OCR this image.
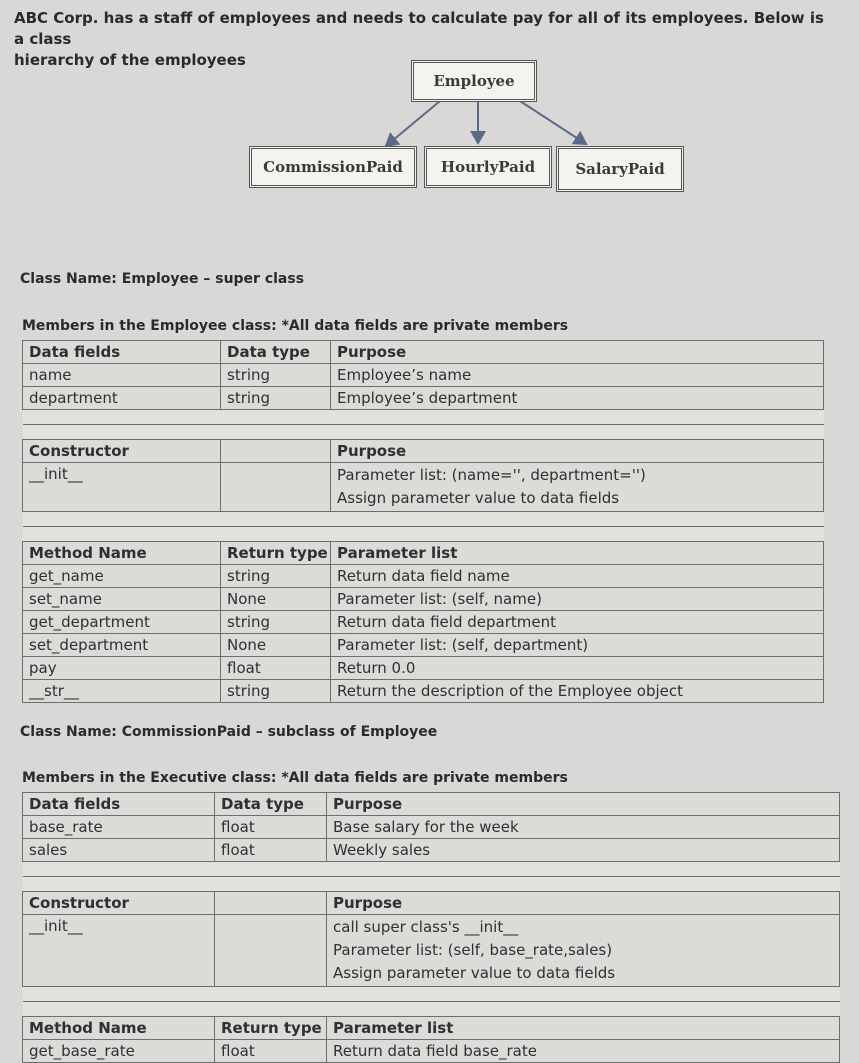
ABC Corp. has a staff of employees and needs to calculate pay for all of its employees. Below is a class
hierarchy of the employees
Employee
CommissionPaid	HourlyPaid	SalaryPaid
Class Name: Employee – super class
Members in the Employee class: *All data fields are private members
Data fields	Data type	Purpose
name	string	Employee’s name
department	string	Employee’s department

Constructor		Purpose
__init__		Parameter list: (name='', department='')
Assign parameter value to data fields

Method Name	Return type	Parameter list
get_name	string	Return data field name
set_name	None	Parameter list: (self, name)
get_department	string	Return data field department
set_department	None	Parameter list: (self, department)
pay	float	Return 0.0
__str__	string	Return the description of the Employee object
Class Name: CommissionPaid – subclass of Employee
Members in the Executive class: *All data fields are private members
Data fields	Data type	Purpose
base_rate	float	Base salary for the week
sales	float	Weekly sales

Constructor		Purpose
__init__		call super class's __init__
Parameter list: (self, base_rate,sales)
Assign parameter value to data fields

Method Name	Return type	Parameter list
get_base_rate	float	Return data field base_rate
